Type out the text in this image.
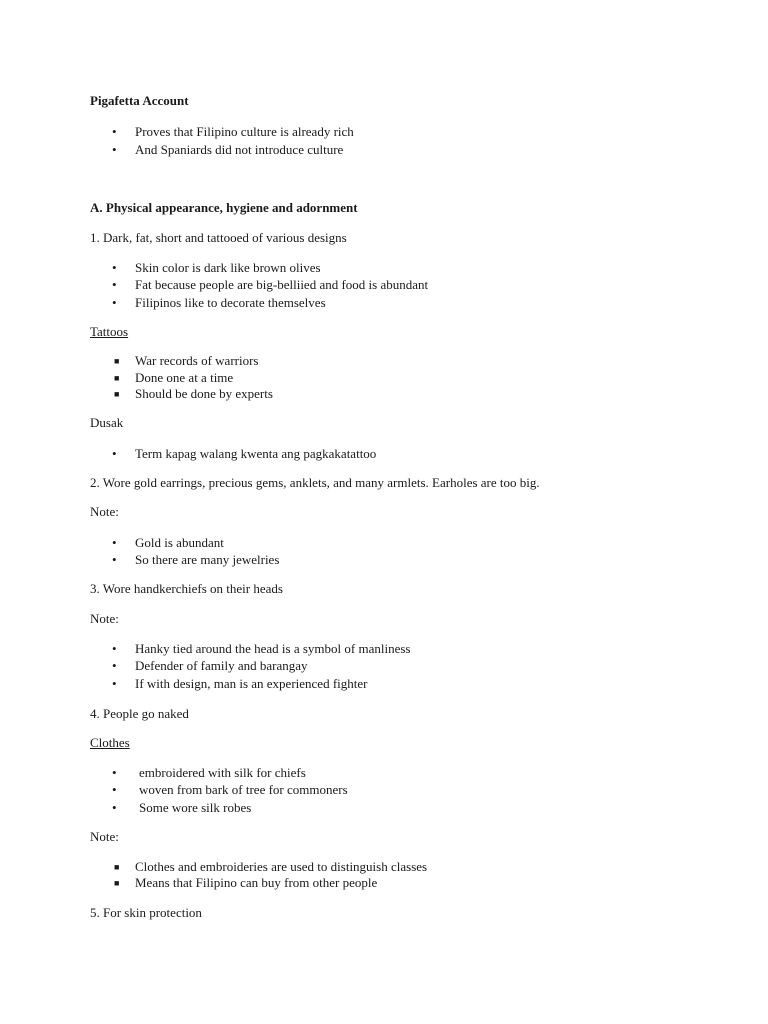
Pigafetta Account
•	Proves that Filipino culture is already rich
•	And Spaniards did not introduce culture
A. Physical appearance, hygiene and adornment
1. Dark, fat, short and tattooed of various designs
•	Skin color is dark like brown olives
•	Fat because people are big-belliied and food is abundant
•	Filipinos like to decorate themselves
Tattoos
■	War records of warriors
■	Done one at a time
■	Should be done by experts
Dusak
•	Term kapag walang kwenta ang pagkakatattoo
2. Wore gold earrings, precious gems, anklets, and many armlets. Earholes are too big.
Note:
•	Gold is abundant
•	So there are many jewelries
3. Wore handkerchiefs on their heads
Note:
•	Hanky tied around the head is a symbol of manliness
•	Defender of family and barangay
•	If with design, man is an experienced fighter
4. People go naked
Clothes
•	embroidered with silk for chiefs
•	woven from bark of tree for commoners
•	Some wore silk robes
Note:
■	Clothes and embroideries are used to distinguish classes
■	Means that Filipino can buy from other people
5. For skin protection
